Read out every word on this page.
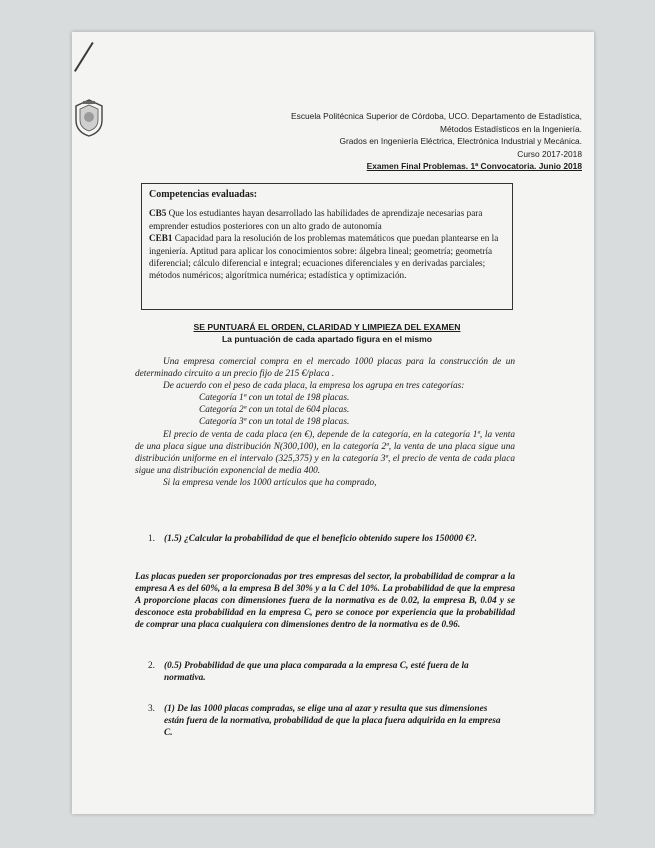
Escuela Politécnica Superior de Córdoba, UCO. Departamento de Estadística,
Métodos Estadísticos en la Ingeniería.
Grados en Ingeniería Eléctrica, Electrónica Industrial y Mecánica.
Curso 2017-2018
Examen Final Problemas. 1ª Convocatoria. Junio 2018
Competencias evaluadas:

CB5 Que los estudiantes hayan desarrollado las habilidades de aprendizaje necesarias para emprender estudios posteriores con un alto grado de autonomía

CEB1 Capacidad para la resolución de los problemas matemáticos que puedan plantearse en la ingeniería. Aptitud para aplicar los conocimientos sobre: álgebra lineal; geometría; geometría diferencial; cálculo diferencial e integral; ecuaciones diferenciales y en derivadas parciales; métodos numéricos; algorítmica numérica; estadística y optimización.

SE PUNTUARÁ EL ORDEN, CLARIDAD Y LIMPIEZA DEL EXAMEN
La puntuación de cada apartado figura en el mismo
Una empresa comercial compra en el mercado 1000 placas para la construcción de un determinado circuito a un precio fijo de 215 €/placa .
De acuerdo con el peso de cada placa, la empresa los agrupa en tres categorías:
Categoría 1ª con un total de 198 placas.
Categoría 2ª con un total de 604 placas.
Categoría 3ª con un total de 198 placas.
El precio de venta de cada placa (en €), depende de la categoría, en la categoría 1ª, la venta de una placa sigue una distribución N(300,100), en la categoría 2ª, la venta de una placa sigue una distribución uniforme en el intervalo (325,375) y en la categoría 3ª, el precio de venta de cada placa sigue una distribución exponencial de media 400.
Si la empresa vende los 1000 artículos que ha comprado,
1. (1.5) ¿Calcular la probabilidad de que el beneficio obtenido supere los 150000 €?.
Las placas pueden ser proporcionadas por tres empresas del sector, la probabilidad de comprar a la empresa A es del 60%, a la empresa B del 30% y a la C del 10%. La probabilidad de que la empresa A proporcione placas con dimensiones fuera de la normativa es de 0.02, la empresa B, 0.04 y se desconoce esta probabilidad en la empresa C, pero se conoce por experiencia que la probabilidad de comprar una placa cualquiera con dimensiones dentro de la normativa es de 0.96.
2. (0.5) Probabilidad de que una placa comparada a la empresa C, esté fuera de la normativa.
3. (1) De las 1000 placas compradas, se elige una al azar y resulta que sus dimensiones están fuera de la normativa, probabilidad de que la placa fuera adquirida en la empresa C.
